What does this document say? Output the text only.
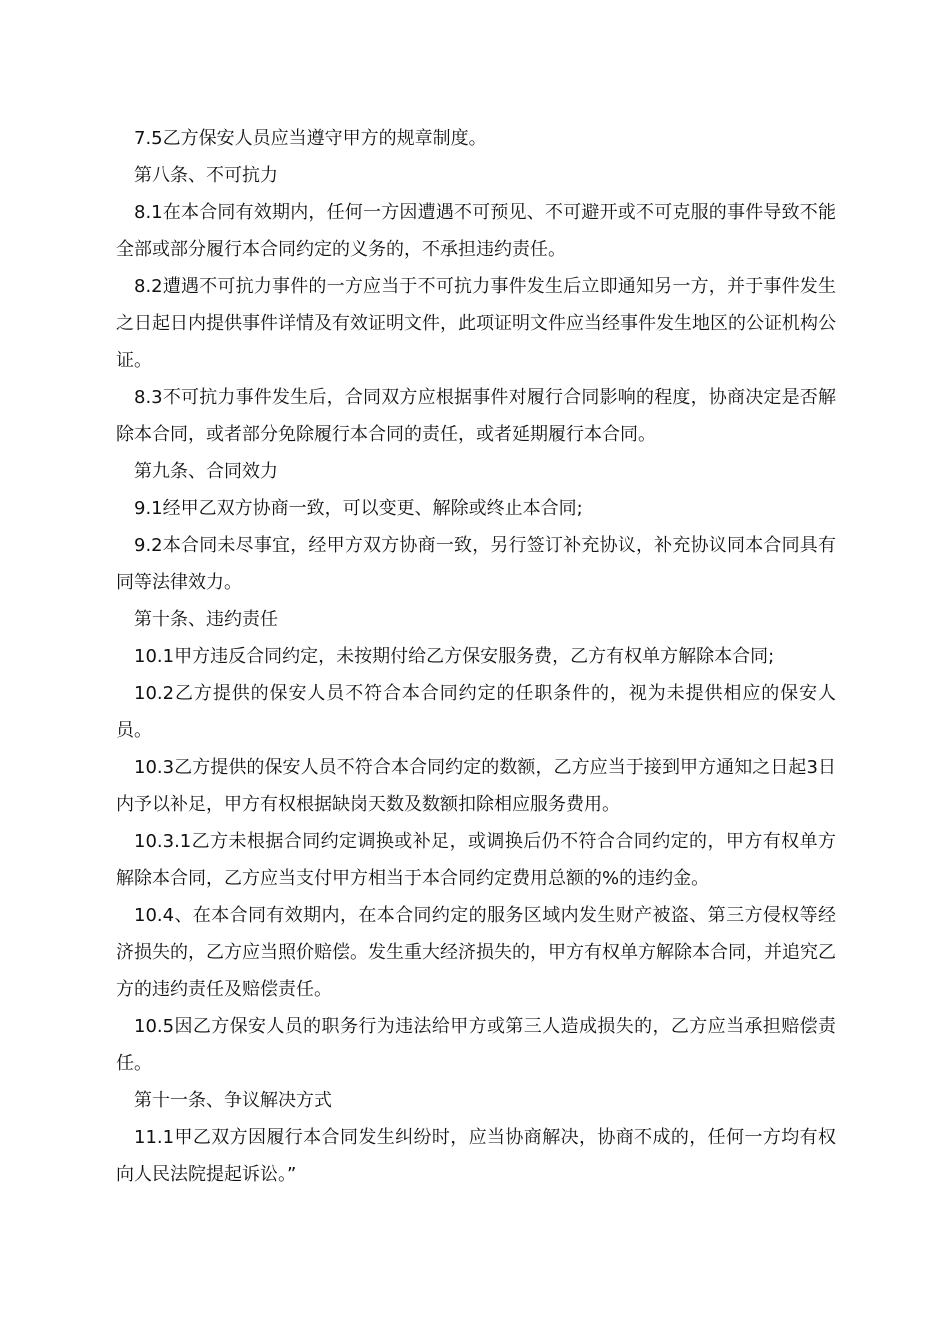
7.5乙方保安人员应当遵守甲方的规章制度。

第八条、不可抗力

8.1在本合同有效期内，任何一方因遭遇不可预见、不可避开或不可克服的事件导致不能全部或部分履行本合同约定的义务的，不承担违约责任。

8.2遭遇不可抗力事件的一方应当于不可抗力事件发生后立即通知另一方，并于事件发生之日起日内提供事件详情及有效证明文件，此项证明文件应当经事件发生地区的公证机构公证。

8.3不可抗力事件发生后，合同双方应根据事件对履行合同影响的程度，协商决定是否解除本合同，或者部分免除履行本合同的责任，或者延期履行本合同。

第九条、合同效力

9.1经甲乙双方协商一致，可以变更、解除或终止本合同;

9.2本合同未尽事宜，经甲方双方协商一致，另行签订补充协议，补充协议同本合同具有同等法律效力。

第十条、违约责任

10.1甲方违反合同约定，未按期付给乙方保安服务费，乙方有权单方解除本合同;

10.2乙方提供的保安人员不符合本合同约定的任职条件的，视为未提供相应的保安人员。

10.3乙方提供的保安人员不符合本合同约定的数额，乙方应当于接到甲方通知之日起3日内予以补足，甲方有权根据缺岗天数及数额扣除相应服务费用。

10.3.1乙方未根据合同约定调换或补足，或调换后仍不符合合同约定的，甲方有权单方解除本合同，乙方应当支付甲方相当于本合同约定费用总额的%的违约金。

10.4、在本合同有效期内，在本合同约定的服务区域内发生财产被盗、第三方侵权等经济损失的，乙方应当照价赔偿。发生重大经济损失的，甲方有权单方解除本合同，并追究乙方的违约责任及赔偿责任。

10.5因乙方保安人员的职务行为违法给甲方或第三人造成损失的，乙方应当承担赔偿责任。

第十一条、争议解决方式

11.1甲乙双方因履行本合同发生纠纷时，应当协商解决，协商不成的，任何一方均有权向人民法院提起诉讼。”
